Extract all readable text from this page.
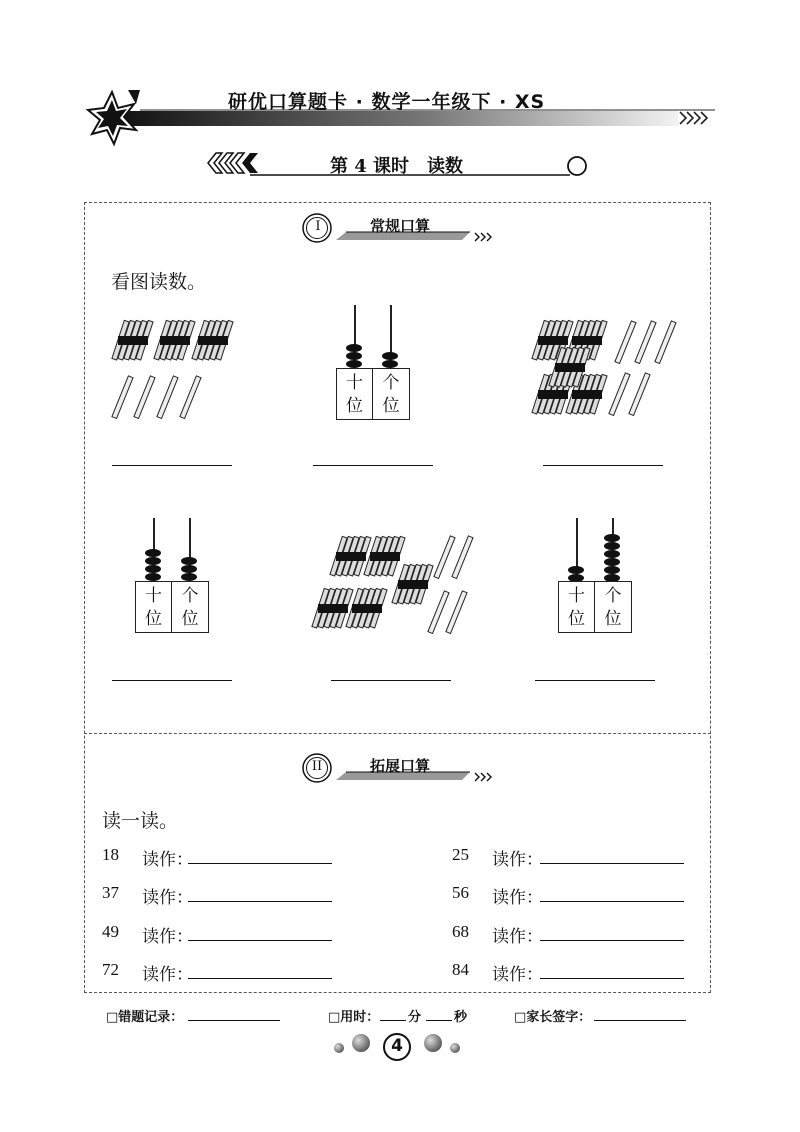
研优口算题卡 · 数学一年级下 · XS
第 4 课时　读数
I	常规口算
看图读数。
十
位
个
位
十
位
个
位
十
位
个
位
II	拓展口算
读一读。
18 读作：	25 读作：
37 读作：	56 读作：
49 读作：	68 读作：
72 读作：	84 读作：
□错题记录：	□用时： 分	秒	□家长签字：
4
